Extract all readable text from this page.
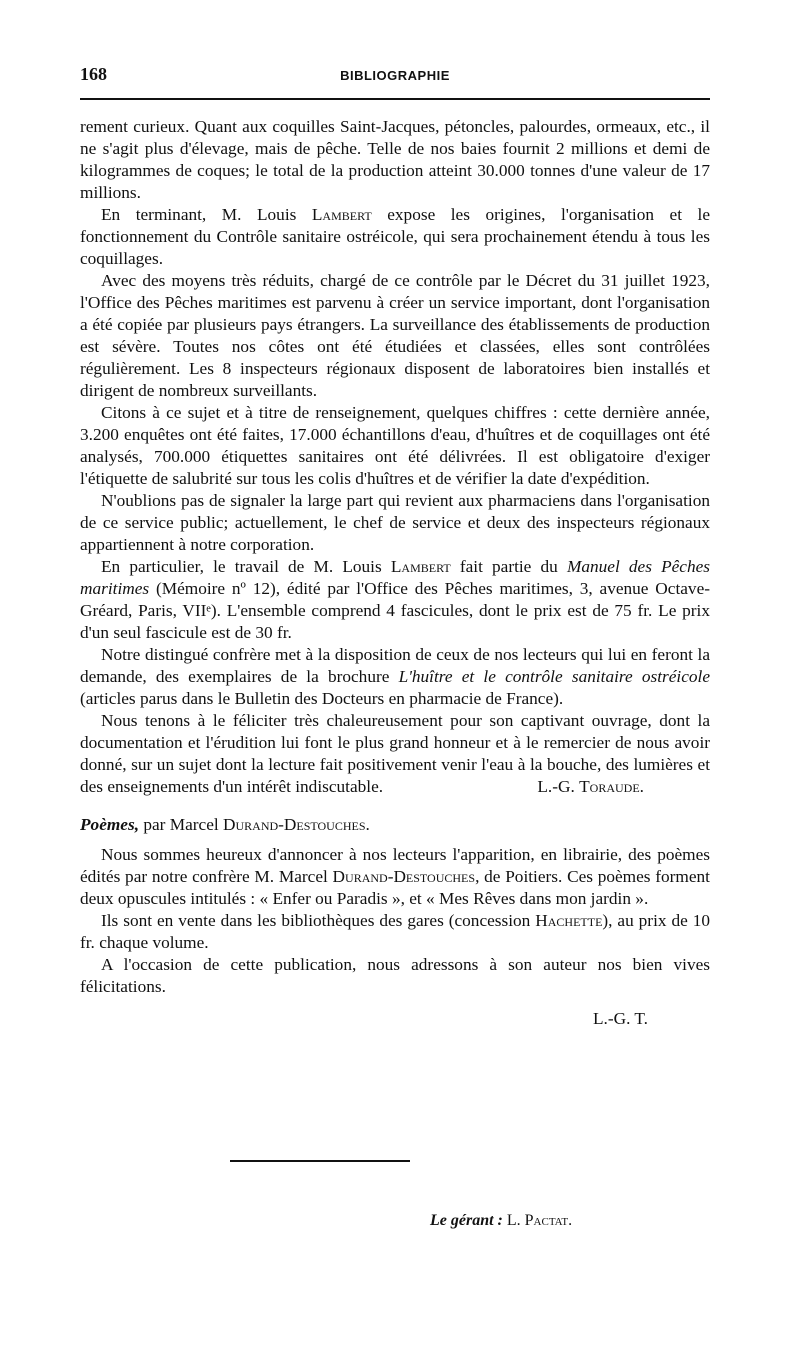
168	BIBLIOGRAPHIE

rement curieux. Quant aux coquilles Saint-Jacques, pétoncles, palourdes, ormeaux, etc., il ne s'agit plus d'élevage, mais de pêche. Telle de nos baies fournit 2 millions et demi de kilogrammes de coques; le total de la production atteint 30.000 tonnes d'une valeur de 17 millions.

En terminant, M. Louis Lambert expose les origines, l'organisation et le fonctionnement du Contrôle sanitaire ostréicole, qui sera prochainement étendu à tous les coquillages.

Avec des moyens très réduits, chargé de ce contrôle par le Décret du 31 juillet 1923, l'Office des Pêches maritimes est parvenu à créer un service important, dont l'organisation a été copiée par plusieurs pays étrangers. La surveillance des établissements de production est sévère. Toutes nos côtes ont été étudiées et classées, elles sont contrôlées régulièrement. Les 8 inspecteurs régionaux disposent de laboratoires bien installés et dirigent de nombreux surveillants.

Citons à ce sujet et à titre de renseignement, quelques chiffres : cette dernière année, 3.200 enquêtes ont été faites, 17.000 échantillons d'eau, d'huîtres et de coquillages ont été analysés, 700.000 étiquettes sanitaires ont été délivrées. Il est obligatoire d'exiger l'étiquette de salubrité sur tous les colis d'huîtres et de vérifier la date d'expédition.

N'oublions pas de signaler la large part qui revient aux pharmaciens dans l'organisation de ce service public; actuellement, le chef de service et deux des inspecteurs régionaux appartiennent à notre corporation.

En particulier, le travail de M. Louis Lambert fait partie du Manuel des Pêches maritimes (Mémoire nº 12), édité par l'Office des Pêches maritimes, 3, avenue Octave-Gréard, Paris, VIIᵉ). L'ensemble comprend 4 fascicules, dont le prix est de 75 fr. Le prix d'un seul fascicule est de 30 fr.

Notre distingué confrère met à la disposition de ceux de nos lecteurs qui lui en feront la demande, des exemplaires de la brochure L'huître et le contrôle sanitaire ostréicole (articles parus dans le Bulletin des Docteurs en pharmacie de France).

Nous tenons à le féliciter très chaleureusement pour son captivant ouvrage, dont la documentation et l'érudition lui font le plus grand honneur et à le remercier de nous avoir donné, sur un sujet dont la lecture fait positivement venir l'eau à la bouche, des lumières et des enseignements d'un intérêt indiscutable.	L.-G. Toraude.

Poèmes, par Marcel Durand-Destouches.

Nous sommes heureux d'annoncer à nos lecteurs l'apparition, en librairie, des poèmes édités par notre confrère M. Marcel Durand-Destouches, de Poitiers. Ces poèmes forment deux opuscules intitulés : « Enfer ou Paradis », et « Mes Rêves dans mon jardin ».

Ils sont en vente dans les bibliothèques des gares (concession Hachette), au prix de 10 fr. chaque volume.

A l'occasion de cette publication, nous adressons à son auteur nos bien vives félicitations.

L.-G. T.

Le gérant : L. Pactat.
